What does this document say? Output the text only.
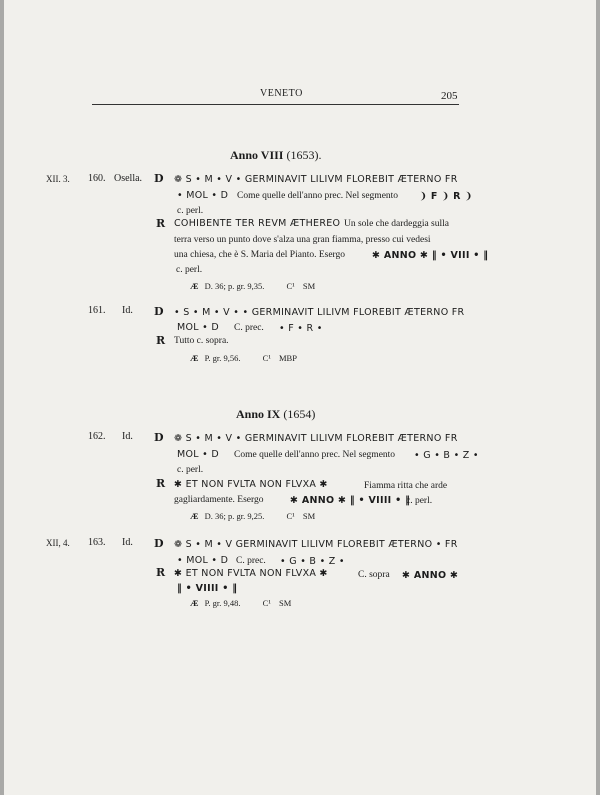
VENETO	205
Anno VIII (1653).
XII. 3. 160. Osella. D ❁ S • M • V • GERMINAVIT LILIVM FLOREBIT ÆTERNO FR
• MOL • D Come quelle dell'anno prec. Nel segmento ❩ F ❩ R ❩
c. perl.
R COHIBENTE TER REVM ÆTHEREO Un sole che dardeggia sulla
terra verso un punto dove s'alza una gran fiamma, presso cui vedesi
una chiesa, che è S. Maria del Pianto. Esergo	✱ ANNO ✱ ‖ • VIII • ‖
c. perl.
Æ D. 36; p. gr. 9,35.	C¹ SM
161. Id. D • S • M • V • • GERMINAVIT LILIVM FLOREBIT ÆTERNO FR
MOL • D C. prec. • F • R •
R Tutto c. sopra.
Æ P. gr. 9,56.	C¹ MBP
Anno IX (1654)
162. Id. D ❁ S • M • V • GERMINAVIT LILIVM FLOREBIT ÆTERNO FR
MOL • D Come quelle dell'anno prec. Nel segmento • G • B • Z •
c. perl.
R ✱ ET NON FVLTA NON FLVXA ✱	Fiamma ritta che arde
gagliardamente. Esergo	✱ ANNO ✱ ‖ • VIIII • ‖
c. perl.
Æ D. 36; p. gr. 9,25.	C¹ SM
XII, 4. 163. Id. D ❁ S • M • V GERMINAVIT LILIVM FLOREBIT ÆTERNO • FR
• MOL • D C. prec. • G • B • Z •
R ✱ ET NON FVLTA NON FLVXA ✱	C. sopra ✱ ANNO ✱
‖ • VIIII • ‖
Æ P. gr. 9,48.	C¹ SM
